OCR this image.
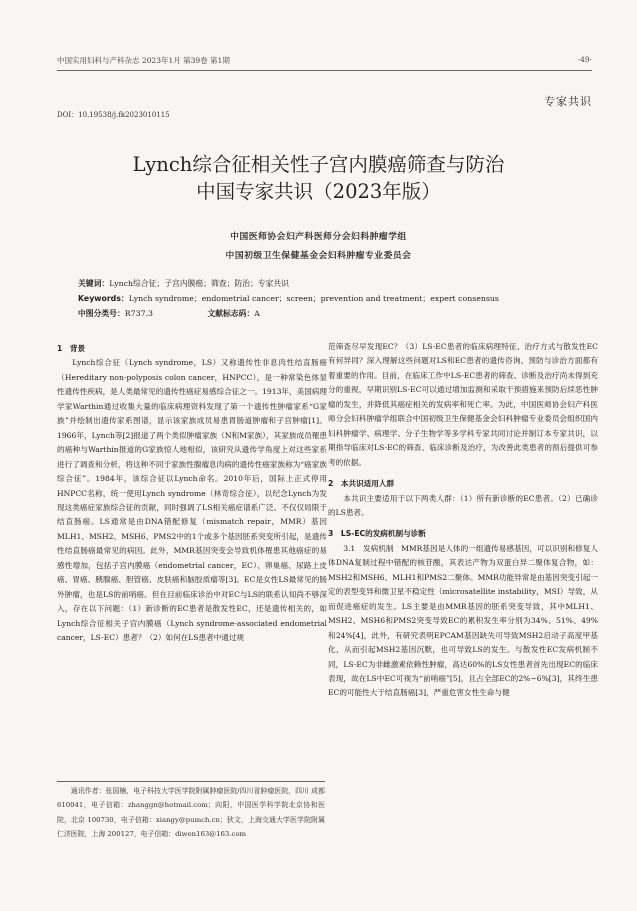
中国实用妇科与产科杂志 2023年1月 第39卷 第1期	·49·
专家共识
DOI：10.19538/j.fk2023010115
Lynch综合征相关性子宫内膜癌筛查与防治
中国专家共识（2023年版）
中国医师协会妇产科医师分会妇科肿瘤学组
中国初级卫生保健基金会妇科肿瘤专业委员会
关键词：Lynch综合征；子宫内膜癌；筛查；防治；专家共识
Keywords：Lynch syndrome；endometrial cancer；screen；prevention and treatment；expert consensus
中图分类号：R737.3	文献标志码：A
1　背景

Lynch综合征（Lynch syndrome，LS）又称遗传性非息肉性结直肠癌（Hereditary non-polyposis colon cancer，HNPCC），是一种常染色体显性遗传性疾病，是人类最常见的遗传性癌症易感综合征之一。1913年，美国病理学家Warthin通过收集大量的临床病理资料发现了第一个遗传性肿瘤家系“G家族”并绘制出遗传家系图谱，显示该家族成员易患胃肠道肿瘤和子宫肿瘤[1]。1966年，Lynch等[2]报道了两个类似肿瘤家族（N和M家族），其家族成员罹患的癌种与Warthin报道的G家族惊人地相似，该研究从遗传学角度上对这些家系进行了调查和分析，将这种不同于家族性腺瘤息肉病的遗传性癌家族称为“癌家族综合征”。1984年，该综合征以Lynch命名。2010年后，国际上正式停用HNPCC名称，统一使用Lynch syndrome（林奇综合征），以纪念Lynch为发现这类癌症家族综合征的贡献，同时强调了LS相关癌症谱系广泛、不仅仅局限于结直肠癌。LS通常是由DNA错配修复（mismatch repair，MMR）基因MLH1、MSH2、MSH6、PMS2中的1个或多个基因胚系突变所引起，是遗传性结直肠癌最常见的病因。此外，MMR基因突变会导致机体罹患其他癌症的易感性增加，包括子宫内膜癌（endometrial cancer，EC）、卵巢癌、尿路上皮癌、胃癌、胰腺癌、胆管癌、皮肤癌和脑胶质瘤等[3]。EC是女性LS最常见的肠外肿瘤，也是LS的前哨癌。但在目前临床诊治中对EC与LS的联系认知尚不够深入，存在以下问题：（1）新诊断的EC患者是散发性EC，还是遗传相关的，如Lynch综合征相关子宫内膜癌（Lynch syndrome-associated endometrial cancer，LS-EC）患者？（2）如何在LS患者中通过规

通讯作者：张国楠，电子科技大学医学院附属肿瘤医院/四川省肿瘤医院，四川 成都 610041，电子信箱：zhanggn@hotmail.com；向阳，中国医学科学院北京协和医院，北京 100730，电子信箱：xiangy@pumch.cn；狄文，上海交通大学医学院附属仁济医院，上海 200127，电子信箱：diwen163@163.com

范筛查尽早发现EC？（3）LS-EC患者的临床病理特征、治疗方式与散发性EC有何异同？深入理解这些问题对LS和EC患者的遗传咨询、预防与诊治方面都有着重要的作用。目前，在临床工作中LS-EC患者的筛查、诊断及治疗尚未得到充分的重视，早期识别LS-EC可以通过增加监测和采取干预措施来预防后续恶性肿瘤的发生，并降低其癌症相关的发病率和死亡率。为此，中国医师协会妇产科医师分会妇科肿瘤学组联合中国初级卫生保健基金会妇科肿瘤专业委员会组织国内妇科肿瘤学、病理学、分子生物学等多学科专家共同讨论并制订本专家共识，以期指导临床对LS-EC的筛查、临床诊断及治疗，为改善此类患者的预后提供可参考的依据。

2　本共识适用人群

本共识主要适用于以下两类人群：（1）所有新诊断的EC患者。（2）已确诊的LS患者。

3　LS-EC的发病机制与诊断

3.1　发病机制　MMR基因是人体的一组遗传易感基因，可以识别和修复人体DNA复制过程中错配的核苷酸，其表达产物为双蛋白异二聚体复合物，如：MSH2和MSH6、MLH1和PMS2二聚体。MMR功能异常是由基因突变引起一定的表型变异和微卫星不稳定性（microsatellite instability，MSI）导致，从而促进癌症的发生。LS主要是由MMR基因的胚系突变导致，其中MLH1、MSH2、MSH6和PMS2突变导致EC的累积发生率分别为34%、51%、49%和24%[4]，此外，有研究表明EPCAM基因缺失可导致MSH2启动子高度甲基化，从而引起MSH2基因沉默，也可导致LS的发生。与散发性EC发病机制不同，LS-EC为非雌激素依赖性肿瘤，高达60%的LS女性患者首先出现EC的临床表现，故在LS中EC可视为“前哨癌”[5]，且占全部EC的2%~6%[3]，其终生患EC的可能性大于结直肠癌[3]，严重危害女性生命与健
